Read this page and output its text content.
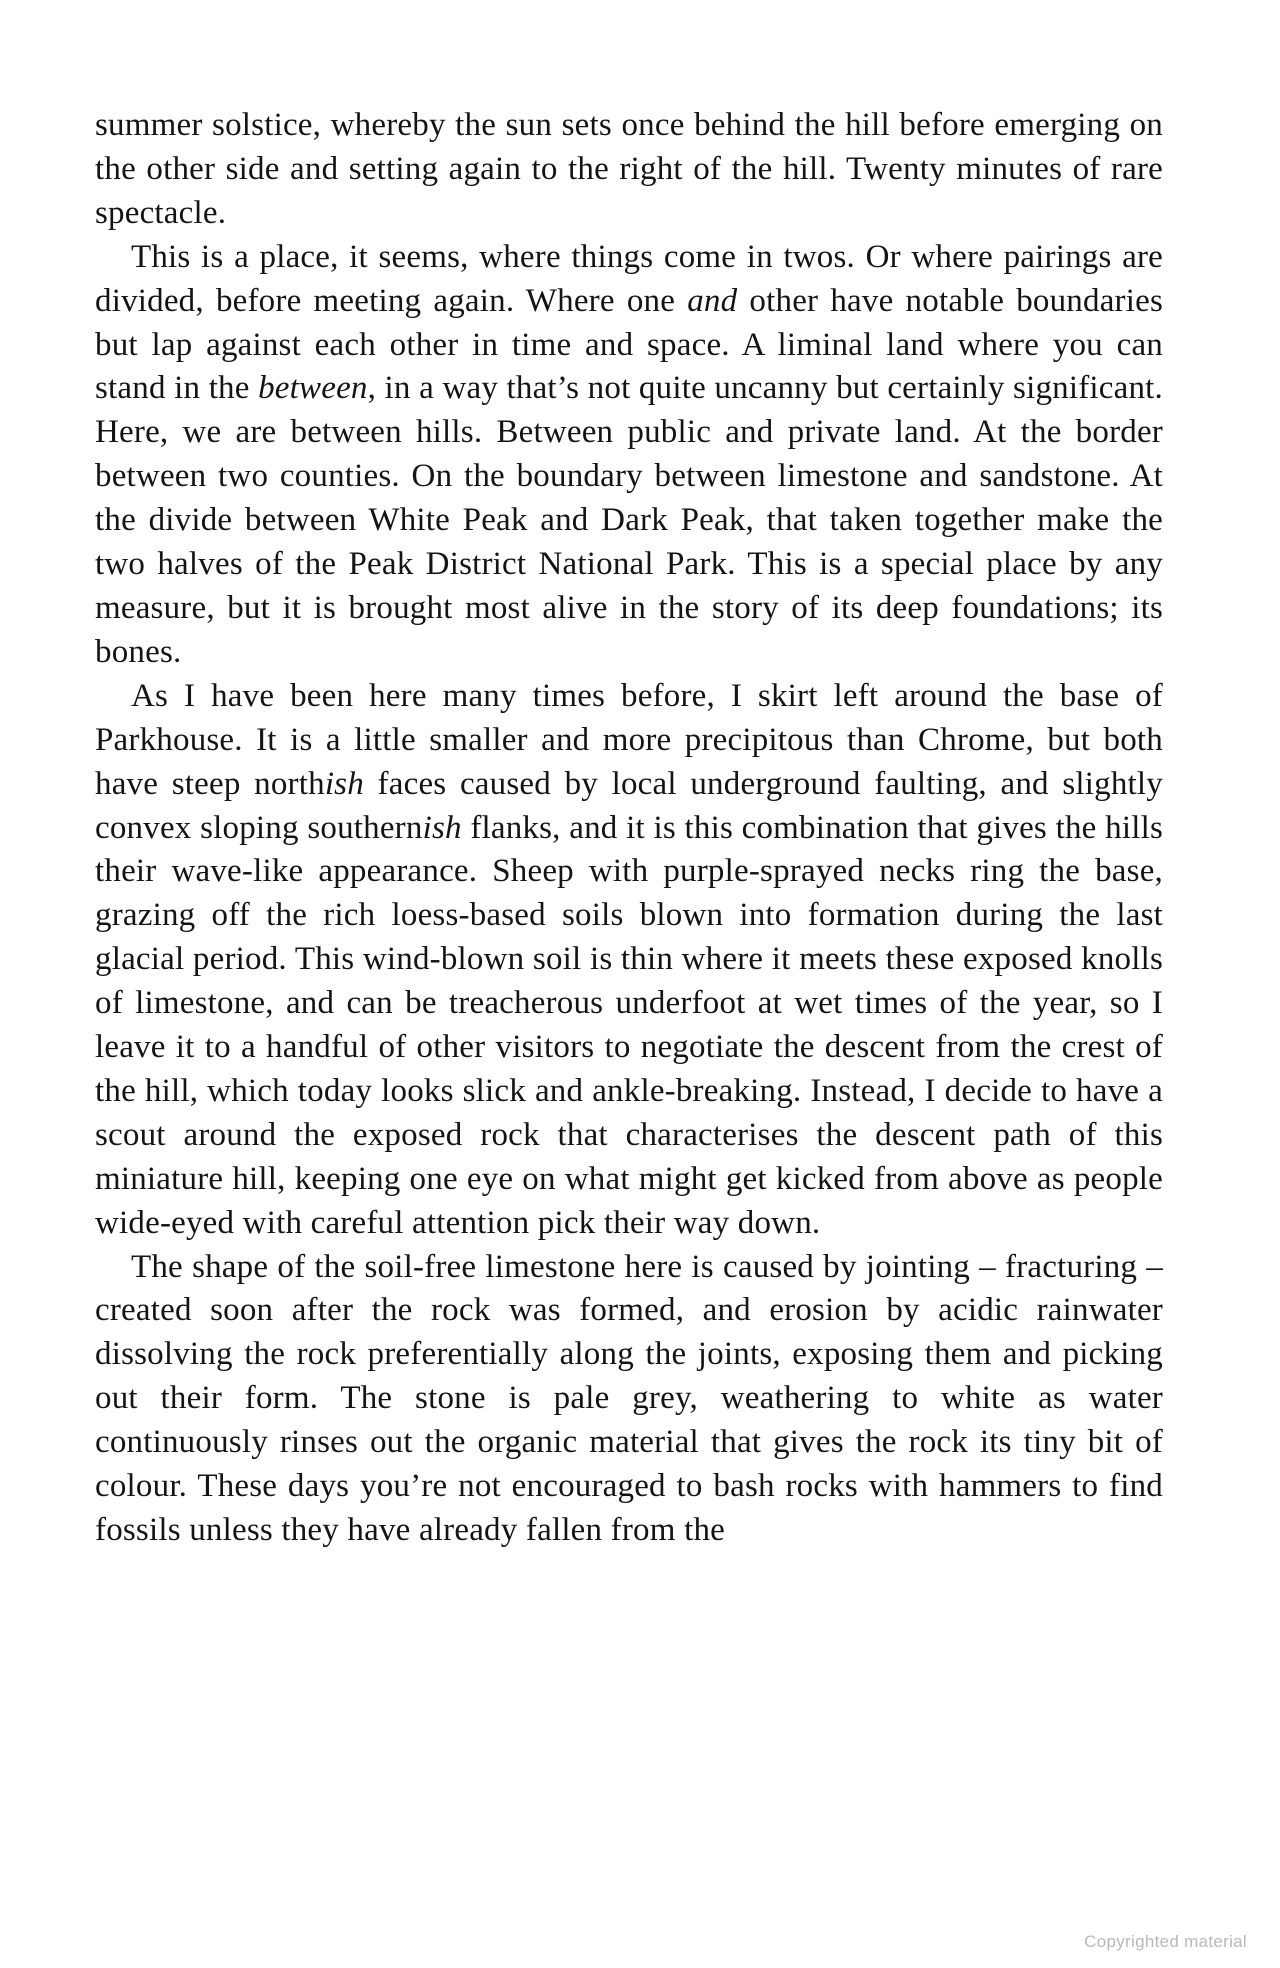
summer solstice, whereby the sun sets once behind the hill before emerging on the other side and setting again to the right of the hill. Twenty minutes of rare spectacle.

This is a place, it seems, where things come in twos. Or where pairings are divided, before meeting again. Where one and other have notable boundaries but lap against each other in time and space. A liminal land where you can stand in the between, in a way that’s not quite uncanny but certainly significant. Here, we are between hills. Between public and private land. At the border between two counties. On the boundary between limestone and sandstone. At the divide between White Peak and Dark Peak, that taken together make the two halves of the Peak District National Park. This is a special place by any measure, but it is brought most alive in the story of its deep foundations; its bones.

As I have been here many times before, I skirt left around the base of Parkhouse. It is a little smaller and more precipitous than Chrome, but both have steep northish faces caused by local underground faulting, and slightly convex sloping southernish flanks, and it is this combination that gives the hills their wave-like appearance. Sheep with purple-sprayed necks ring the base, grazing off the rich loess-based soils blown into formation during the last glacial period. This wind-blown soil is thin where it meets these exposed knolls of limestone, and can be treacherous underfoot at wet times of the year, so I leave it to a handful of other visitors to negotiate the descent from the crest of the hill, which today looks slick and ankle-breaking. Instead, I decide to have a scout around the exposed rock that characterises the descent path of this miniature hill, keeping one eye on what might get kicked from above as people wide-eyed with careful attention pick their way down.

The shape of the soil-free limestone here is caused by jointing – fracturing – created soon after the rock was formed, and erosion by acidic rainwater dissolving the rock preferentially along the joints, exposing them and picking out their form. The stone is pale grey, weathering to white as water continuously rinses out the organic material that gives the rock its tiny bit of colour. These days you’re not encouraged to bash rocks with hammers to find fossils unless they have already fallen from the

Copyrighted material
